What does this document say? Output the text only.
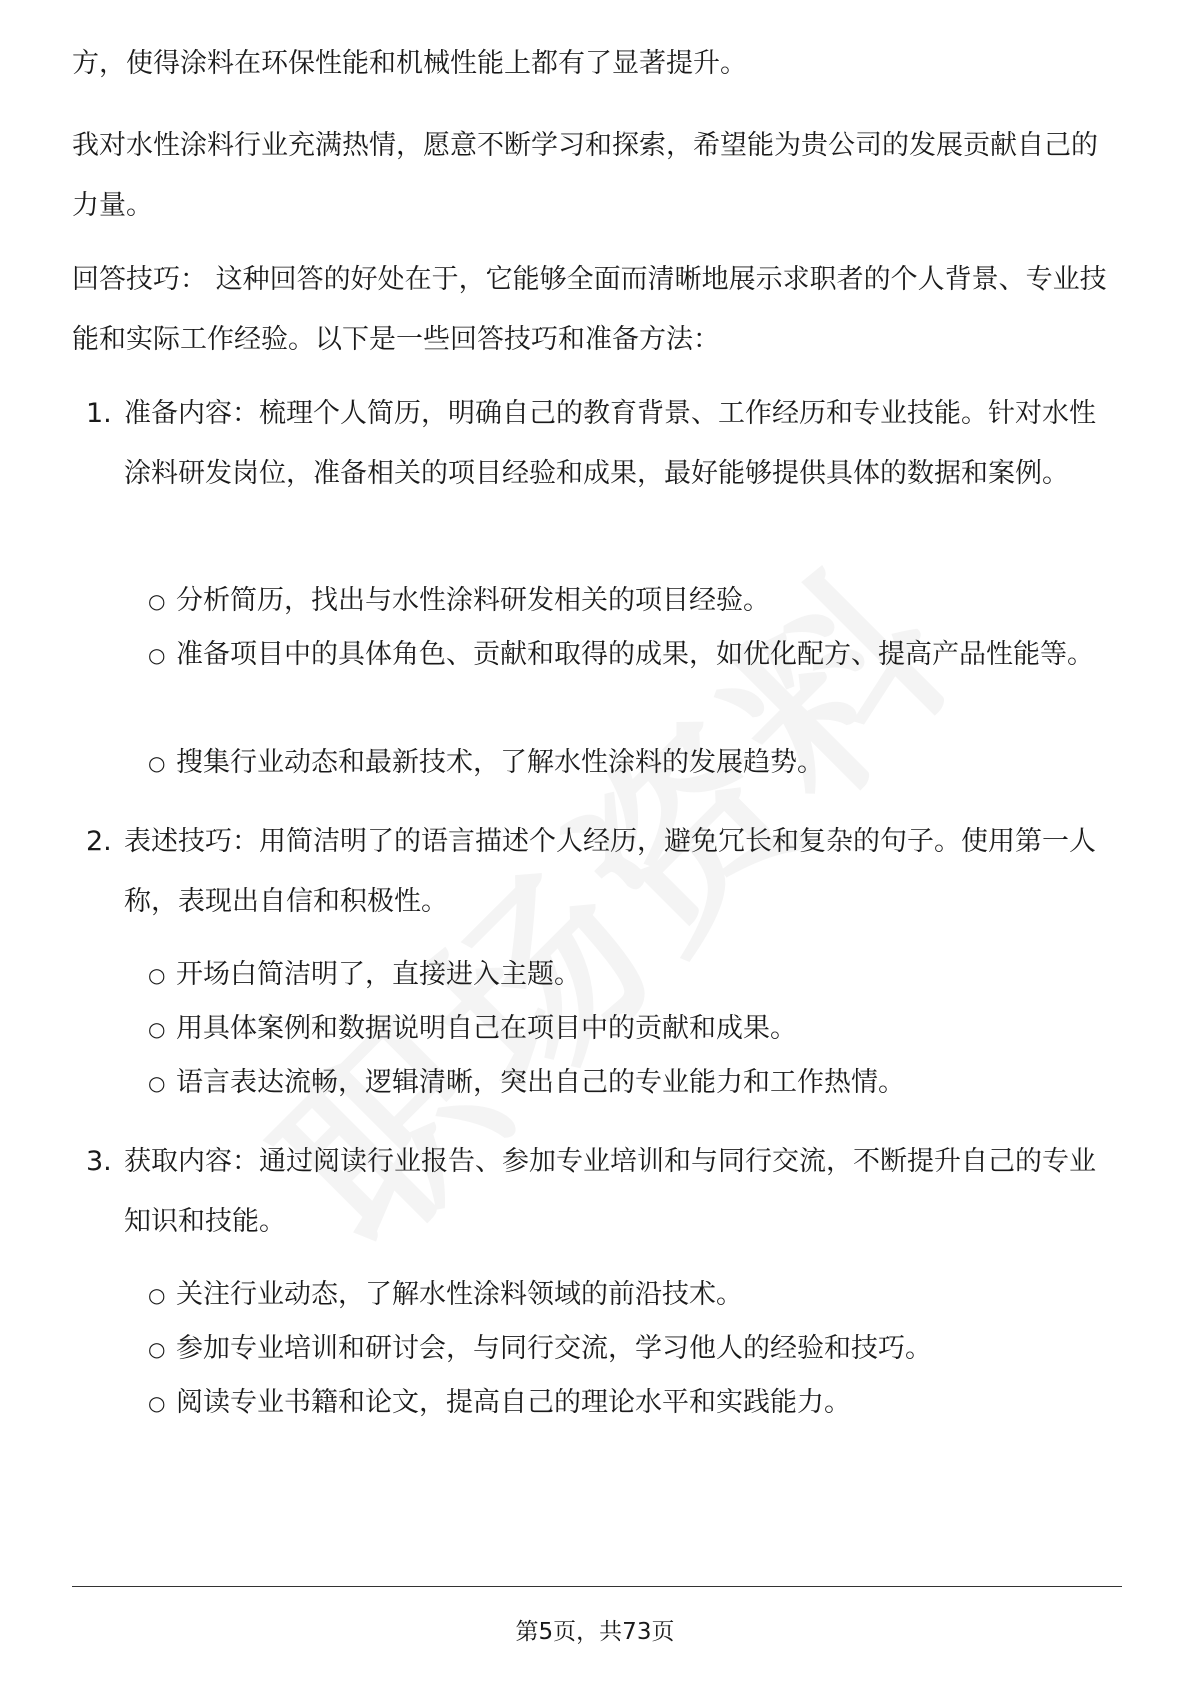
方，使得涂料在环保性能和机械性能上都有了显著提升。

我对水性涂料行业充满热情，愿意不断学习和探索，希望能为贵公司的发展贡献自己的力量。

回答技巧： 这种回答的好处在于，它能够全面而清晰地展示求职者的个人背景、专业技能和实际工作经验。以下是一些回答技巧和准备方法：

1. 准备内容：梳理个人简历，明确自己的教育背景、工作经历和专业技能。针对水性涂料研发岗位，准备相关的项目经验和成果，最好能够提供具体的数据和案例。
○ 分析简历，找出与水性涂料研发相关的项目经验。
○ 准备项目中的具体角色、贡献和取得的成果，如优化配方、提高产品性能等。
○ 搜集行业动态和最新技术，了解水性涂料的发展趋势。
2. 表述技巧：用简洁明了的语言描述个人经历，避免冗长和复杂的句子。使用第一人称，表现出自信和积极性。
○ 开场白简洁明了，直接进入主题。
○ 用具体案例和数据说明自己在项目中的贡献和成果。
○ 语言表达流畅，逻辑清晰，突出自己的专业能力和工作热情。
3. 获取内容：通过阅读行业报告、参加专业培训和与同行交流，不断提升自己的专业知识和技能。
○ 关注行业动态，了解水性涂料领域的前沿技术。
○ 参加专业培训和研讨会，与同行交流，学习他人的经验和技巧。
○ 阅读专业书籍和论文，提高自己的理论水平和实践能力。
第5页，共73页
